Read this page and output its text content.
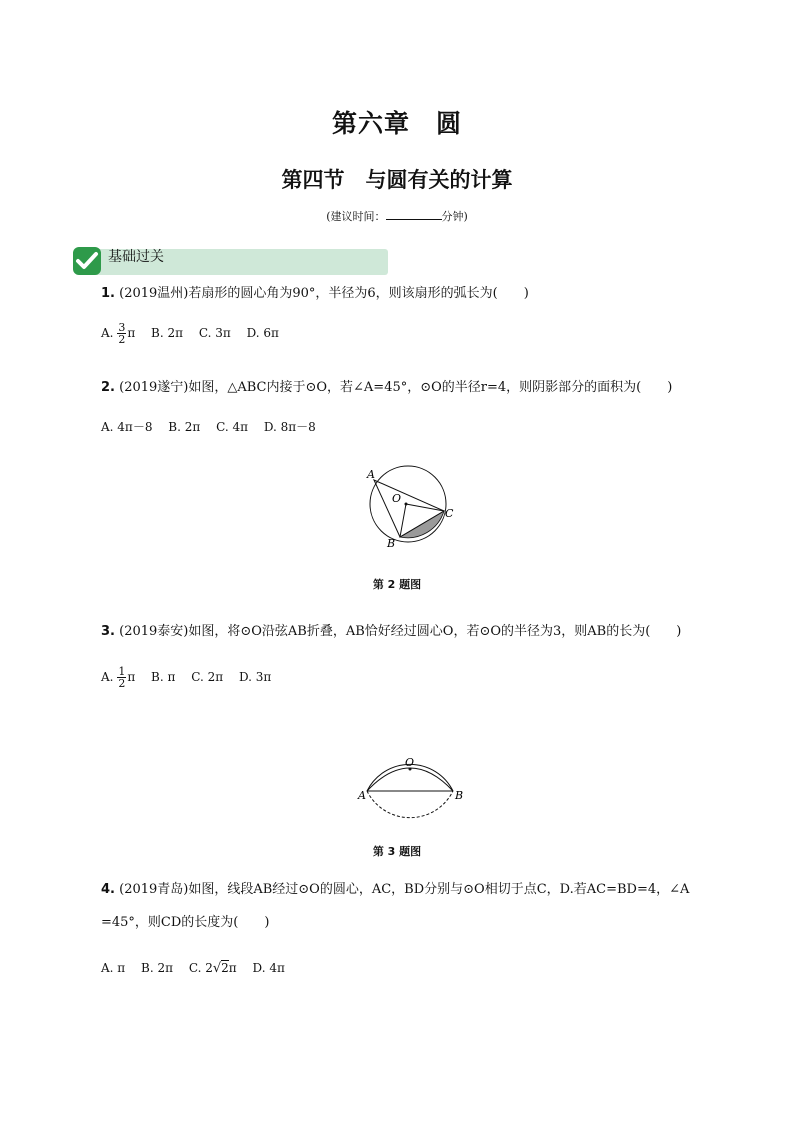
第六章　圆
第四节　与圆有关的计算
(建议时间：	分钟)
基础过关
1. (2019温州)若扇形的圆心角为90°，半径为6，则该扇形的弧长为(　　)
A. $\frac{3}{2}$ π B. 2π C. 3π D. 6π
2. (2019遂宁)如图，△ABC内接于⊙O，若∠A=45°，⊙O的半径r=4，则阴影部分的面积为(　　)
A. 4π－8 B. 2π C. 4π D. 8π－8
A
O
C
B
第 2 题图
3. (2019泰安)如图，将⊙O沿弦AB折叠，AB恰好经过圆心O，若⊙O的半径为3，则AB的长为(　　)
A. $\frac{1}{2}$ π B. π C. 2π D. 3π
O
A	B
第 3 题图
4. (2019青岛)如图，线段AB经过⊙O的圆心，AC，BD分别与⊙O相切于点C，D.若AC=BD=4，∠A
=45°，则CD的长度为(　　)
A. π B. 2π C. 2√2π D. 4π
